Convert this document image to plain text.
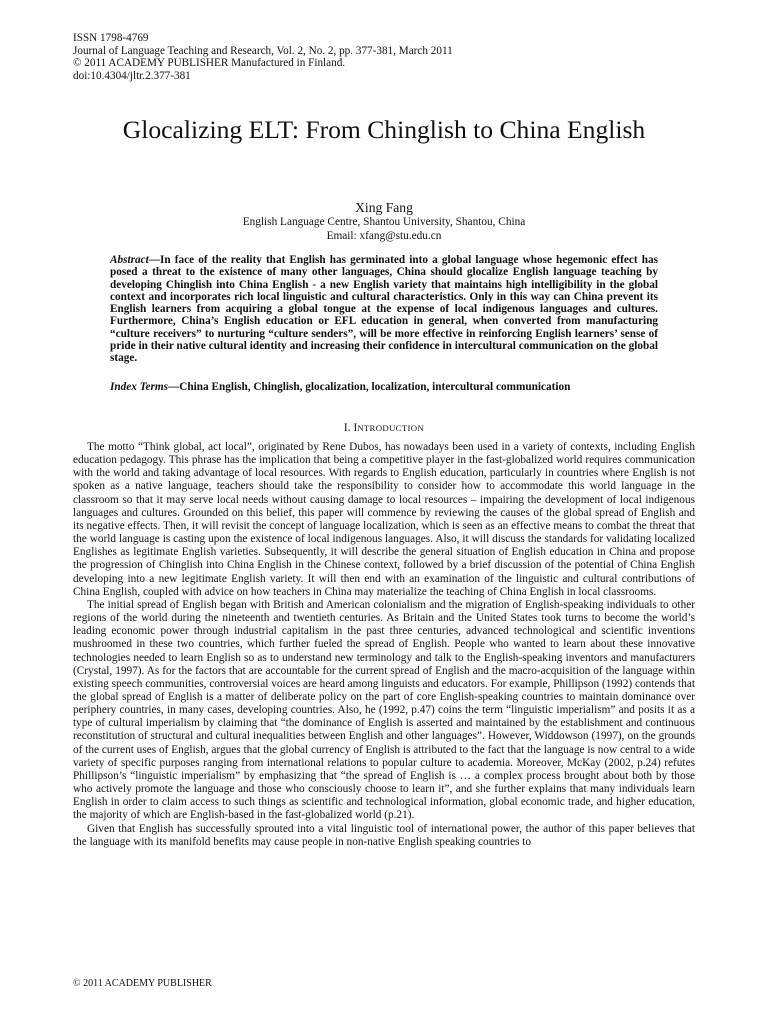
ISSN 1798-4769
Journal of Language Teaching and Research, Vol. 2, No. 2, pp. 377-381, March 2011
© 2011 ACADEMY PUBLISHER Manufactured in Finland.
doi:10.4304/jltr.2.377-381
Glocalizing ELT: From Chinglish to China English
Xing Fang
English Language Centre, Shantou University, Shantou, China
Email: xfang@stu.edu.cn

Abstract—In face of the reality that English has germinated into a global language whose hegemonic effect has posed a threat to the existence of many other languages, China should glocalize English language teaching by developing Chinglish into China English - a new English variety that maintains high intelligibility in the global context and incorporates rich local linguistic and cultural characteristics. Only in this way can China prevent its English learners from acquiring a global tongue at the expense of local indigenous languages and cultures. Furthermore, China’s English education or EFL education in general, when converted from manufacturing “culture receivers” to nurturing “culture senders”, will be more effective in reinforcing English learners’ sense of pride in their native cultural identity and increasing their confidence in intercultural communication on the global stage.

Index Terms—China English, Chinglish, glocalization, localization, intercultural communication

I. INTRODUCTION

The motto “Think global, act local”, originated by Rene Dubos, has nowadays been used in a variety of contexts, including English education pedagogy. This phrase has the implication that being a competitive player in the fast-globalized world requires communication with the world and taking advantage of local resources. With regards to English education, particularly in countries where English is not spoken as a native language, teachers should take the responsibility to consider how to accommodate this world language in the classroom so that it may serve local needs without causing damage to local resources – impairing the development of local indigenous languages and cultures. Grounded on this belief, this paper will commence by reviewing the causes of the global spread of English and its negative effects. Then, it will revisit the concept of language localization, which is seen as an effective means to combat the threat that the world language is casting upon the existence of local indigenous languages. Also, it will discuss the standards for validating localized Englishes as legitimate English varieties. Subsequently, it will describe the general situation of English education in China and propose the progression of Chinglish into China English in the Chinese context, followed by a brief discussion of the potential of China English developing into a new legitimate English variety. It will then end with an examination of the linguistic and cultural contributions of China English, coupled with advice on how teachers in China may materialize the teaching of China English in local classrooms.

The initial spread of English began with British and American colonialism and the migration of English-speaking individuals to other regions of the world during the nineteenth and twentieth centuries. As Britain and the United States took turns to become the world’s leading economic power through industrial capitalism in the past three centuries, advanced technological and scientific inventions mushroomed in these two countries, which further fueled the spread of English. People who wanted to learn about these innovative technologies needed to learn English so as to understand new terminology and talk to the English-speaking inventors and manufacturers (Crystal, 1997). As for the factors that are accountable for the current spread of English and the macro-acquisition of the language within existing speech communities, controversial voices are heard among linguists and educators. For example, Phillipson (1992) contends that the global spread of English is a matter of deliberate policy on the part of core English-speaking countries to maintain dominance over periphery countries, in many cases, developing countries. Also, he (1992, p.47) coins the term “linguistic imperialism” and posits it as a type of cultural imperialism by claiming that “the dominance of English is asserted and maintained by the establishment and continuous reconstitution of structural and cultural inequalities between English and other languages”. However, Widdowson (1997), on the grounds of the current uses of English, argues that the global currency of English is attributed to the fact that the language is now central to a wide variety of specific purposes ranging from international relations to popular culture to academia. Moreover, McKay (2002, p.24) refutes Phillipson’s “linguistic imperialism” by emphasizing that “the spread of English is … a complex process brought about both by those who actively promote the language and those who consciously choose to learn it”, and she further explains that many individuals learn English in order to claim access to such things as scientific and technological information, global economic trade, and higher education, the majority of which are English-based in the fast-globalized world (p.21).

Given that English has successfully sprouted into a vital linguistic tool of international power, the author of this paper believes that the language with its manifold benefits may cause people in non-native English speaking countries to

© 2011 ACADEMY PUBLISHER
